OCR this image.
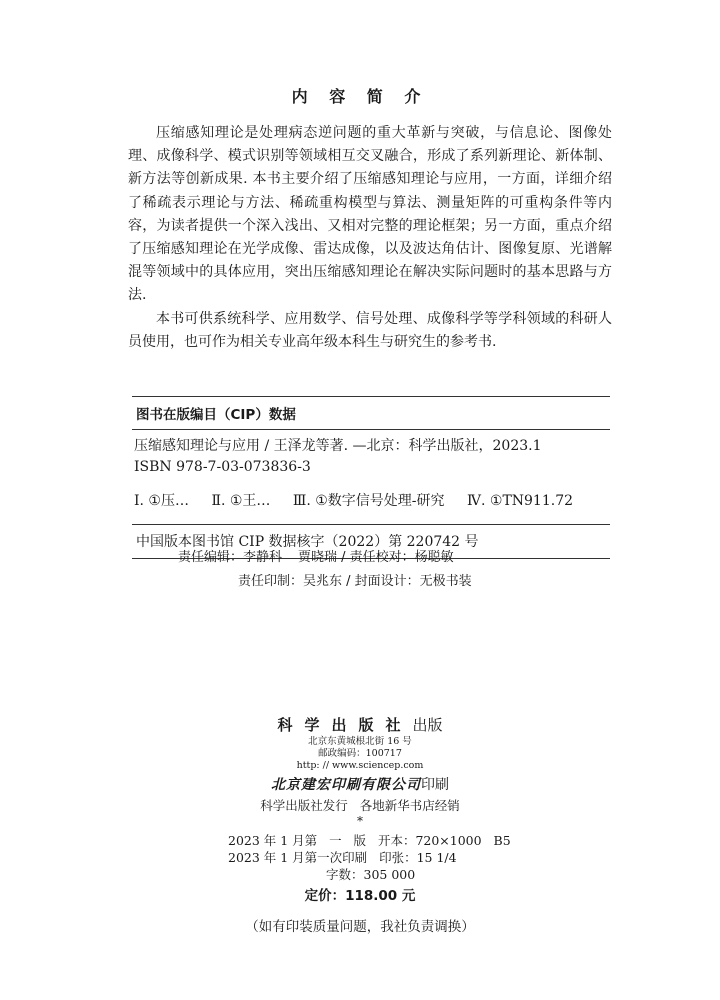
内 容 简 介

压缩感知理论是处理病态逆问题的重大革新与突破，与信息论、图像处理、成像科学、模式识别等领域相互交叉融合，形成了系列新理论、新体制、新方法等创新成果. 本书主要介绍了压缩感知理论与应用，一方面，详细介绍了稀疏表示理论与方法、稀疏重构模型与算法、测量矩阵的可重构条件等内容，为读者提供一个深入浅出、又相对完整的理论框架；另一方面，重点介绍了压缩感知理论在光学成像、雷达成像，以及波达角估计、图像复原、光谱解混等领域中的具体应用，突出压缩感知理论在解决实际问题时的基本思路与方法.

本书可供系统科学、应用数学、信号处理、成像科学等学科领域的科研人员使用，也可作为相关专业高年级本科生与研究生的参考书.

图书在版编目（CIP）数据
压缩感知理论与应用 / 王泽龙等著. —北京：科学出版社，2023.1
ISBN 978-7-03-073836-3
Ⅰ. ①压… Ⅱ. ①王… Ⅲ. ①数字信号处理-研究 Ⅳ. ①TN911.72
中国版本图书馆 CIP 数据核字（2022）第 220742 号
责任编辑：李静科 贾晓瑞 / 责任校对：杨聪敏
责任印制：吴兆东 / 封面设计：无极书装
科学出版社出版
北京东黄城根北街 16 号
邮政编码：100717
http: // www.sciencep.com
北京建宏印刷有限公司印刷
科学出版社发行   各地新华书店经销
*
2023 年 1 月第   一   版   开本：720×1000   B5
2023 年 1 月第一次印刷   印张：15 1/4
字数：305 000
定价：118.00 元
（如有印装质量问题，我社负责调换）
